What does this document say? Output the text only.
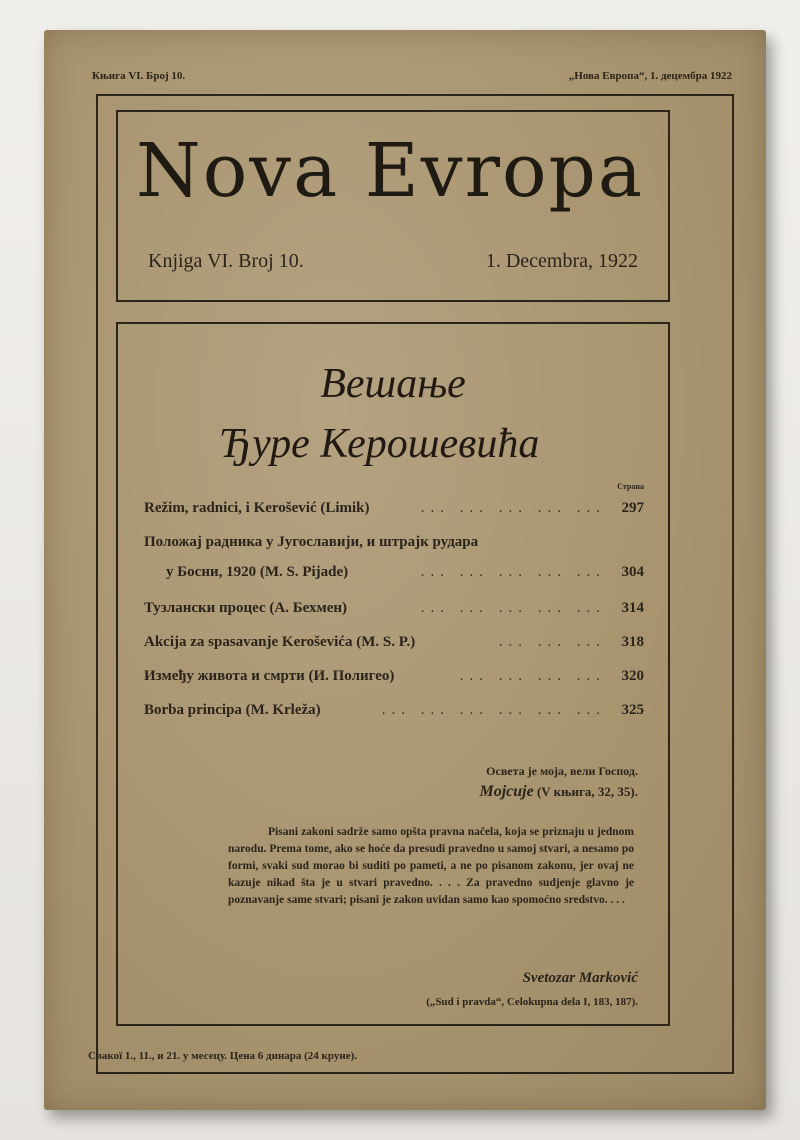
Књига VI. Број 10.	„Нова Европа“, 1. децембра 1922
Nova Evropa
Knjiga VI. Broj 10.	1. Decembra, 1922
Вешање
Ђуре Керошевића
Страна
Režim, radnici, i Kerošević (Limik)	... ... ... ... ... 297
Положај радника у Југославији, и штрајк рудара
у Босни, 1920 (M. S. Pijade)	... ... ... ... ... 304
Тузлански процес (А. Бехмен)	... ... ... ... ... 314
Akcija za spasavanje Keroševića (M. S. P.)	... ... ... 318
Између живота и смрти (И. Полигео)	... ... ... ... 320
Borba principa (M. Krleža)	... ... ... ... ... ... 325
Освета је моја, вели Господ.
Mojcuje (V књига, 32, 35).
Pisani zakoni sadrže samo opšta pravna načela, koja se priznaju u jednom narodu. Prema tome, ako se hoće da presudi pravedno u samoj stvari, a nesamo po formi, svaki sud morao bi suditi po pameti, a ne po pisanom zakonu, jer ovaj ne kazuje nikad šta je u stvari pravedno. . . . Za pravedno sudjenje glavno je poznavanje same stvari; pisani je zakon uvidan samo kao spomoćno sredstvo. . . .
Svetozar Marković
(„Sud i pravda“, Celokupna dela I, 183, 187).
Свакої 1., 11., и 21. у месецу. Цена 6 динара (24 круне).
